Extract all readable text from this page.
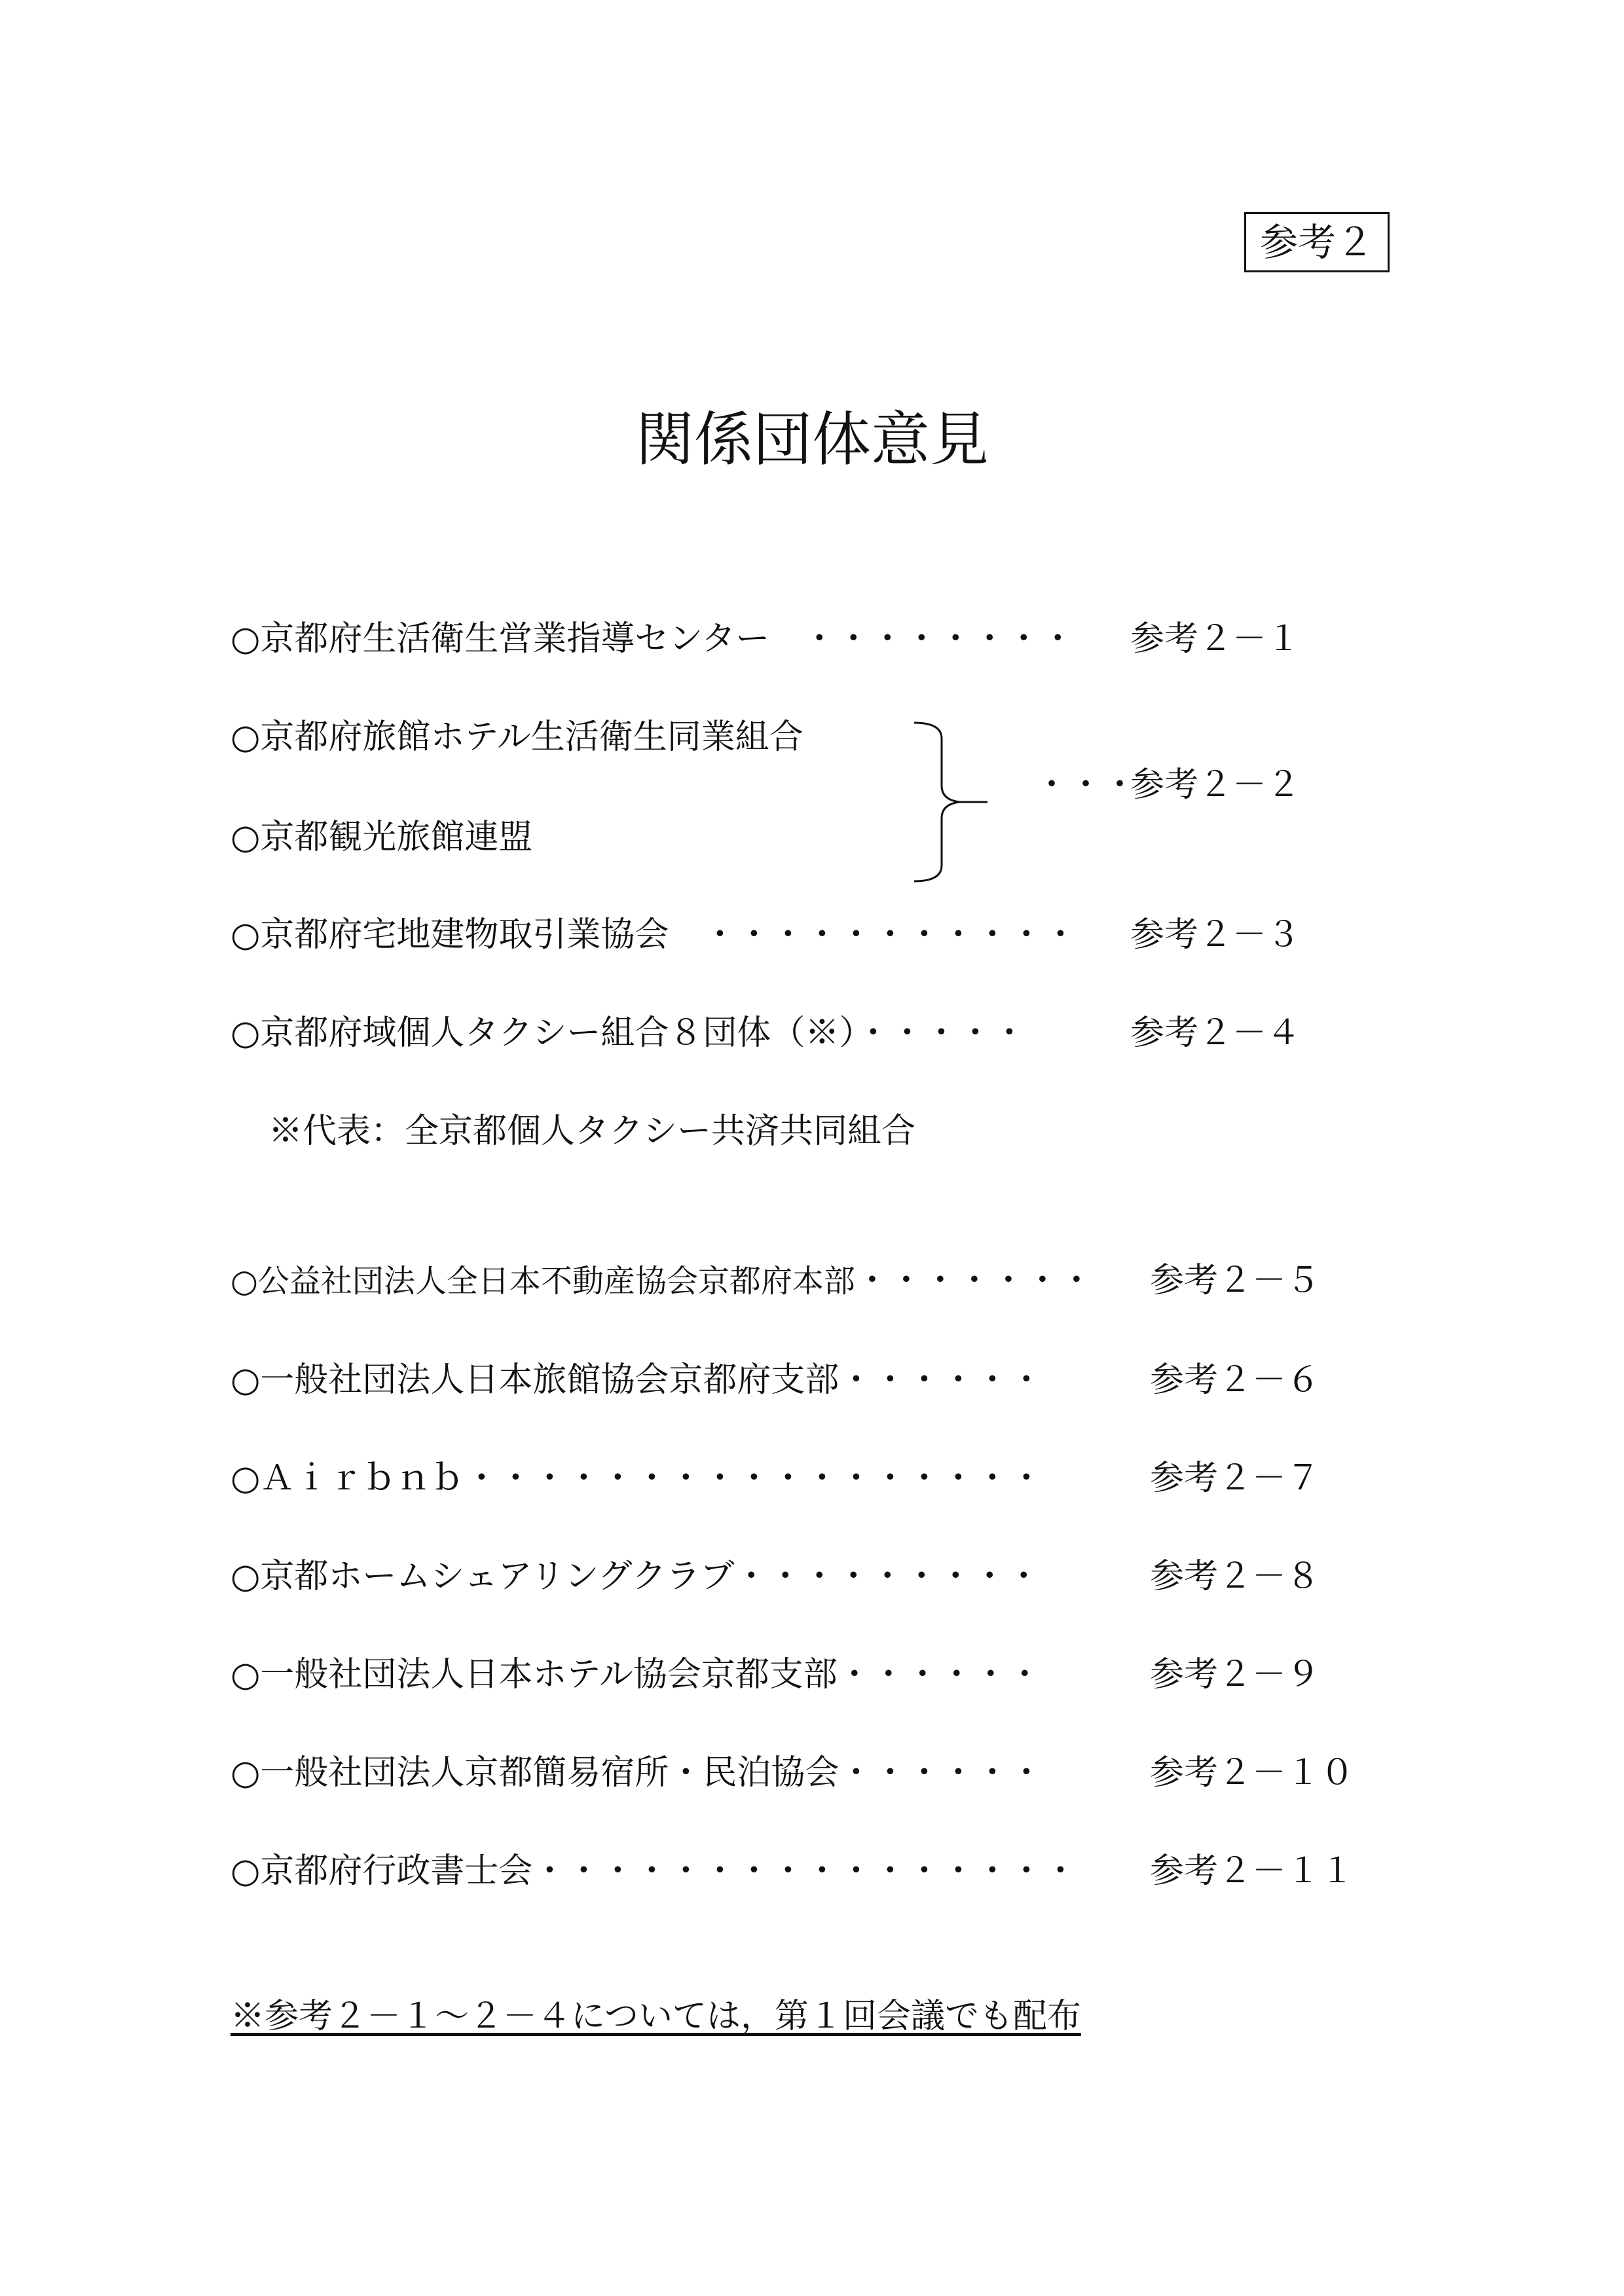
参考２
関係団体意見
○京都府生活衛生営業指導センター ・・・・・・・・ 参考２－１
○京都府旅館ホテル生活衛生同業組合
○京都観光旅館連盟
・・・
参考２－２
○京都府宅地建物取引業協会 ・・・・・・・・・・・ 参考２－３
○京都府域個人タクシー組合８団体（※）・・・・・	参考２－４
※代表：全京都個人タクシー共済共同組合
○公益社団法人全日本不動産協会京都府本部・・・・・・・ 参考２－５
○一般社団法人日本旅館協会京都府支部・・・・・・	参考２－６
○Ａｉｒｂｎｂ・・・・・・・・・・・・・・・・・	参考２－７
○京都ホームシェアリングクラブ・・・・・・・・・	参考２－８
○一般社団法人日本ホテル協会京都支部・・・・・・	参考２－９
○一般社団法人京都簡易宿所・民泊協会・・・・・・	参考２－１０
○京都府行政書士会・・・・・・・・・・・・・・・・ 参考２－１１
※参考２－１～２－４については，第１回会議でも配布
